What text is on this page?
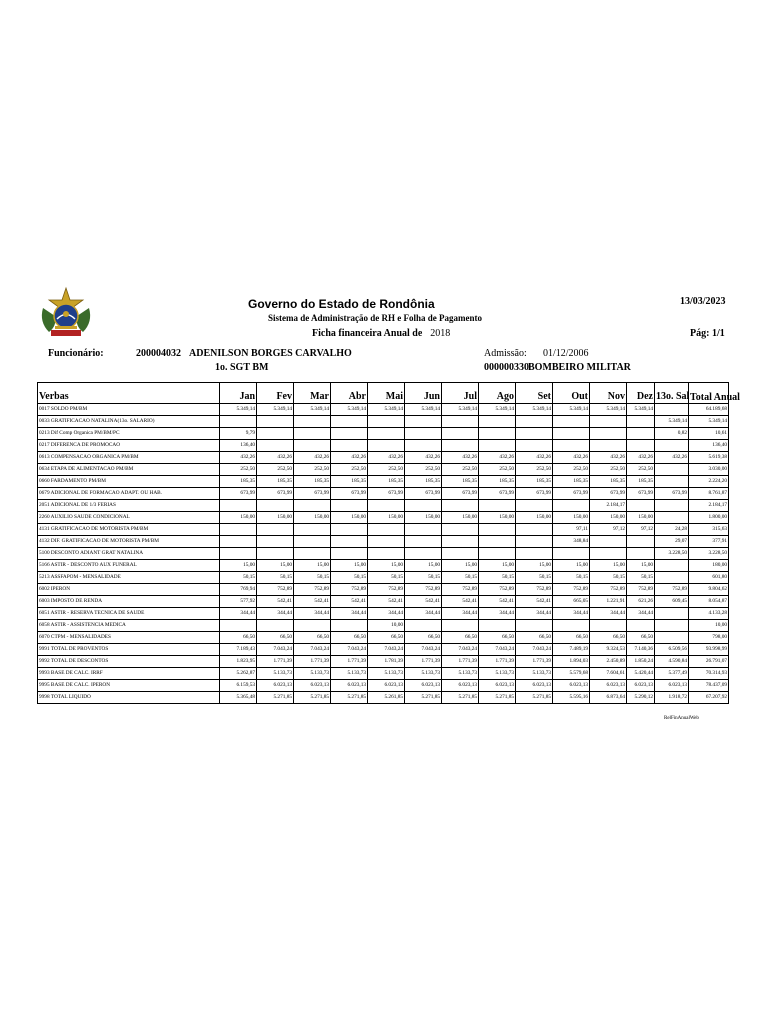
Governo do Estado de Rondônia
Sistema de Administração de RH e Folha de Pagamento
Ficha financeira Anual de 2018
13/03/2023
Pág: 1/1
Funcionário:	200004032 ADENILSON BORGES CARVALHO	Admissão: 01/12/2006
1o. SGT BM	000000330 BOMBEIRO MILITAR
Verbas	Jan	Fev	Mar	Abr	Mai	Jun	Jul	Ago	Set	Out	Nov	Dez	13o. Sal	Total Anual
0017 SOLDO PM/BM	5.349,14	5.349,14	5.349,14	5.349,14	5.349,14	5.349,14	5.349,14	5.349,14	5.349,14	5.349,14	5.349,14	5.349,14		64.189,68
0033 GRATIFICACAO NATALINA(13o. SALARIO)													5.349,14	5.349,14
0213 Dif Comp Organica PM/BM/PC	9,79												0,82	10,61
0217 DIFERENCA DE PROMOCAO	136,40													136,40
0613 COMPENSACAO ORGANICA PM/BM	432,26	432,26	432,26	432,26	432,26	432,26	432,26	432,26	432,26	432,26	432,26	432,26	432,26	5.619,38
0634 ETAPA DE ALIMENTACAO PM/BM	252,50	252,50	252,50	252,50	252,50	252,50	252,50	252,50	252,50	252,50	252,50	252,50		3.030,00
0660 FARDAMENTO PM/BM	185,35	185,35	185,35	185,35	185,35	185,35	185,35	185,35	185,35	185,35	185,35	185,35		2.224,20
0679 ADICIONAL DE FORMACAO ADAPT. OU HAB.	673,99	673,99	673,99	673,99	673,99	673,99	673,99	673,99	673,99	673,99	673,99	673,99	673,99	8.761,87
2051 ADICIONAL DE 1/3 FERIAS											2.184,17			2.184,17
2260 AUXILIO SAUDE CONDICIONAL	150,00	150,00	150,00	150,00	150,00	150,00	150,00	150,00	150,00	150,00	150,00	150,00		1.800,00
4131 GRATIFICACAO DE MOTORISTA PM/BM										97,11	97,12	97,12	24,28	315,63
4132 DIF. GRATIFICACAO DE MOTORISTA PM/BM										348,84			29,07	377,91
5100 DESCONTO ADIANT GRAT NATALINA													3.228,50	3.228,50
5166 ASTIR - DESCONTO AUX FUNERAL	15,00	15,00	15,00	15,00	15,00	15,00	15,00	15,00	15,00	15,00	15,00	15,00		180,00
5213 ASSFAPOM - MENSALIDADE	50,15	50,15	50,15	50,15	50,15	50,15	50,15	50,15	50,15	50,15	50,15	50,15		601,80
6002 IPERON	769,94	752,89	752,89	752,89	752,89	752,89	752,89	752,89	752,89	752,89	752,89	752,89	752,89	9.804,62
6003 IMPOSTO DE RENDA	577,92	542,41	542,41	542,41	542,41	542,41	542,41	542,41	542,41	665,05	1.221,91	621,26	609,45	8.054,87
6051 ASTIR - RESERVA TECNICA DE SAUDE	344,44	344,44	344,44	344,44	344,44	344,44	344,44	344,44	344,44	344,44	344,44	344,44		4.133,28
6058 ASTIR - ASSISTENCIA MEDICA					10,00									10,00
6070 CTPM - MENSALIDADES	66,50	66,50	66,50	66,50	66,50	66,50	66,50	66,50	66,50	66,50	66,50	66,50		798,00
9991 TOTAL DE PROVENTOS	7.189,43	7.043,24	7.043,24	7.043,24	7.043,24	7.043,24	7.043,24	7.043,24	7.043,24	7.489,19	9.324,53	7.140,36	6.509,56	93.998,99
9992 TOTAL DE DESCONTOS	1.823,95	1.771,39	1.771,39	1.771,39	1.781,39	1.771,39	1.771,39	1.771,39	1.771,39	1.894,03	2.450,89	1.850,24	4.590,84	26.791,07
9993 BASE DE CALC. IRRF	5.262,87	5.133,73	5.133,73	5.133,73	5.133,73	5.133,73	5.133,73	5.133,73	5.133,73	5.579,68	7.604,61	5.420,44	5.377,49	70.314,93
9995 BASE DE CALC. IPERON	6.159,53	6.023,13	6.023,13	6.023,13	6.023,13	6.023,13	6.023,13	6.023,13	6.023,13	6.023,13	6.023,13	6.023,13	6.023,13	78.437,09
9998 TOTAL LIQUIDO	5.365,48	5.271,85	5.271,85	5.271,85	5.261,85	5.271,85	5.271,85	5.271,85	5.271,85	5.595,16	6.873,64	5.290,12	1.918,72	67.207,92
RelFinAnualWeb
